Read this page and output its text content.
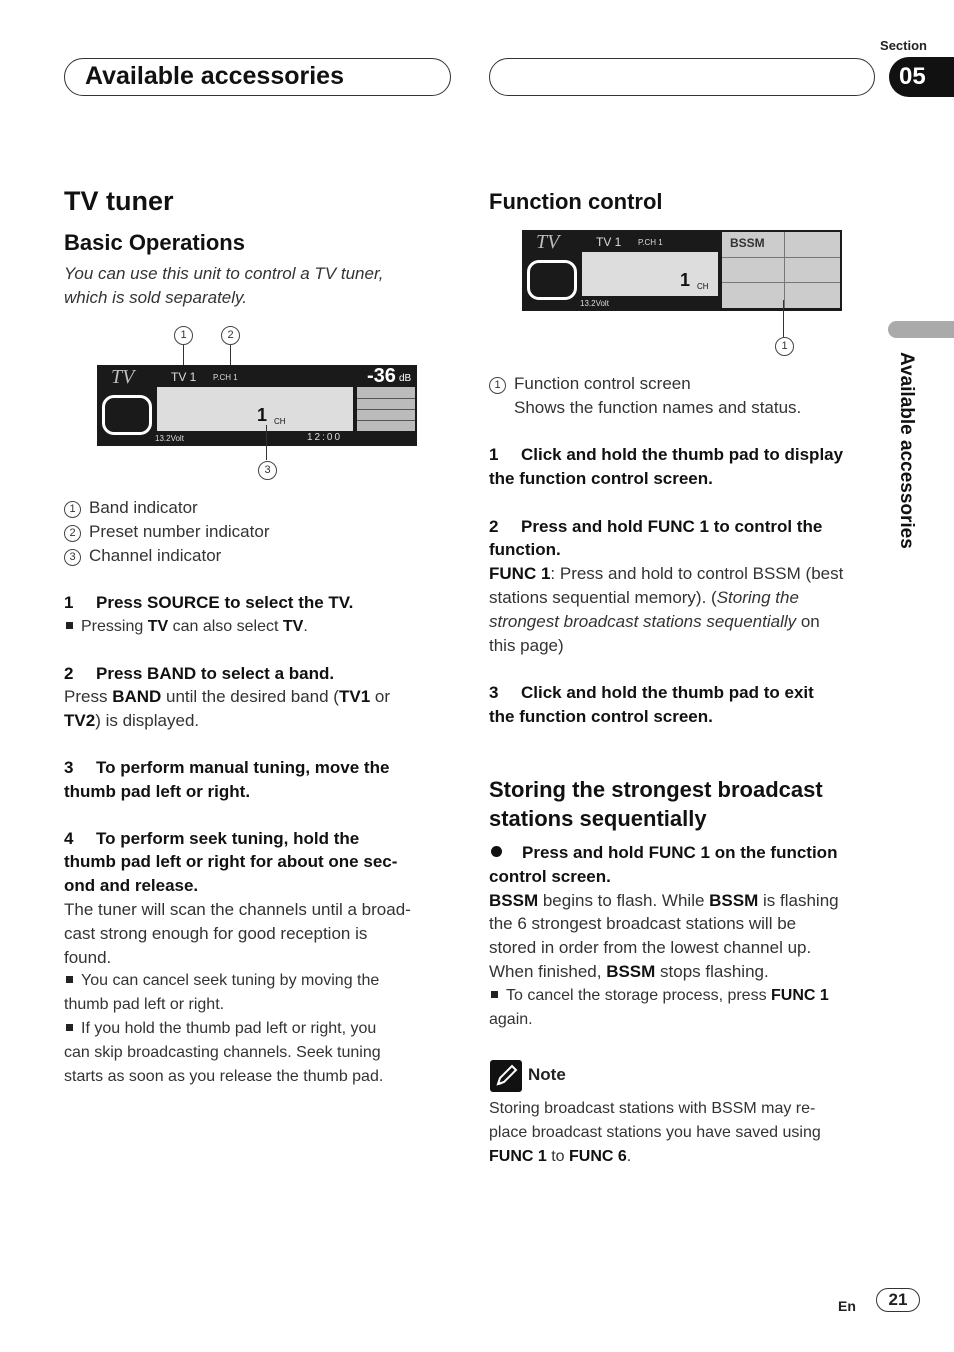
Available accessories
Section
05
Available accessories
TV tuner
Basic Operations
You can use this unit to control a TV tuner, which is sold separately.
1	2
TV	TV 1 P.CH 1	-36 dB
1 CH
13.2Volt	12:00
3

1 Band indicator

2 Preset number indicator

3 Channel indicator

1 Press SOURCE to select the TV.

Pressing TV can also select TV.

2 Press BAND to select a band.

Press BAND until the desired band (TV1 or
TV2) is displayed.

3 To perform manual tuning, move the
thumb pad left or right.

4 To perform seek tuning, hold the
thumb pad left or right for about one sec-
ond and release.

The tuner will scan the channels until a broad-
cast strong enough for good reception is
found.

You can cancel seek tuning by moving the
thumb pad left or right.

If you hold the thumb pad left or right, you
can skip broadcasting channels. Seek tuning
starts as soon as you release the thumb pad.

Function control
TV	TV 1 P.CH 1
1 CH
BSSM
13.2Volt
1

1 Function control screen

Shows the function names and status.

1 Click and hold the thumb pad to display
the function control screen.

2 Press and hold FUNC 1 to control the
function.

FUNC 1: Press and hold to control BSSM (best
stations sequential memory). (Storing the
strongest broadcast stations sequentially on
this page)

3 Click and hold the thumb pad to exit
the function control screen.

Storing the strongest broadcast
stations sequentially

Press and hold FUNC 1 on the function
control screen.

BSSM begins to flash. While BSSM is flashing
the 6 strongest broadcast stations will be
stored in order from the lowest channel up.
When finished, BSSM stops flashing.

To cancel the storage process, press FUNC 1
again.

Note

Storing broadcast stations with BSSM may re-
place broadcast stations you have saved using
FUNC 1 to FUNC 6.

En	21
